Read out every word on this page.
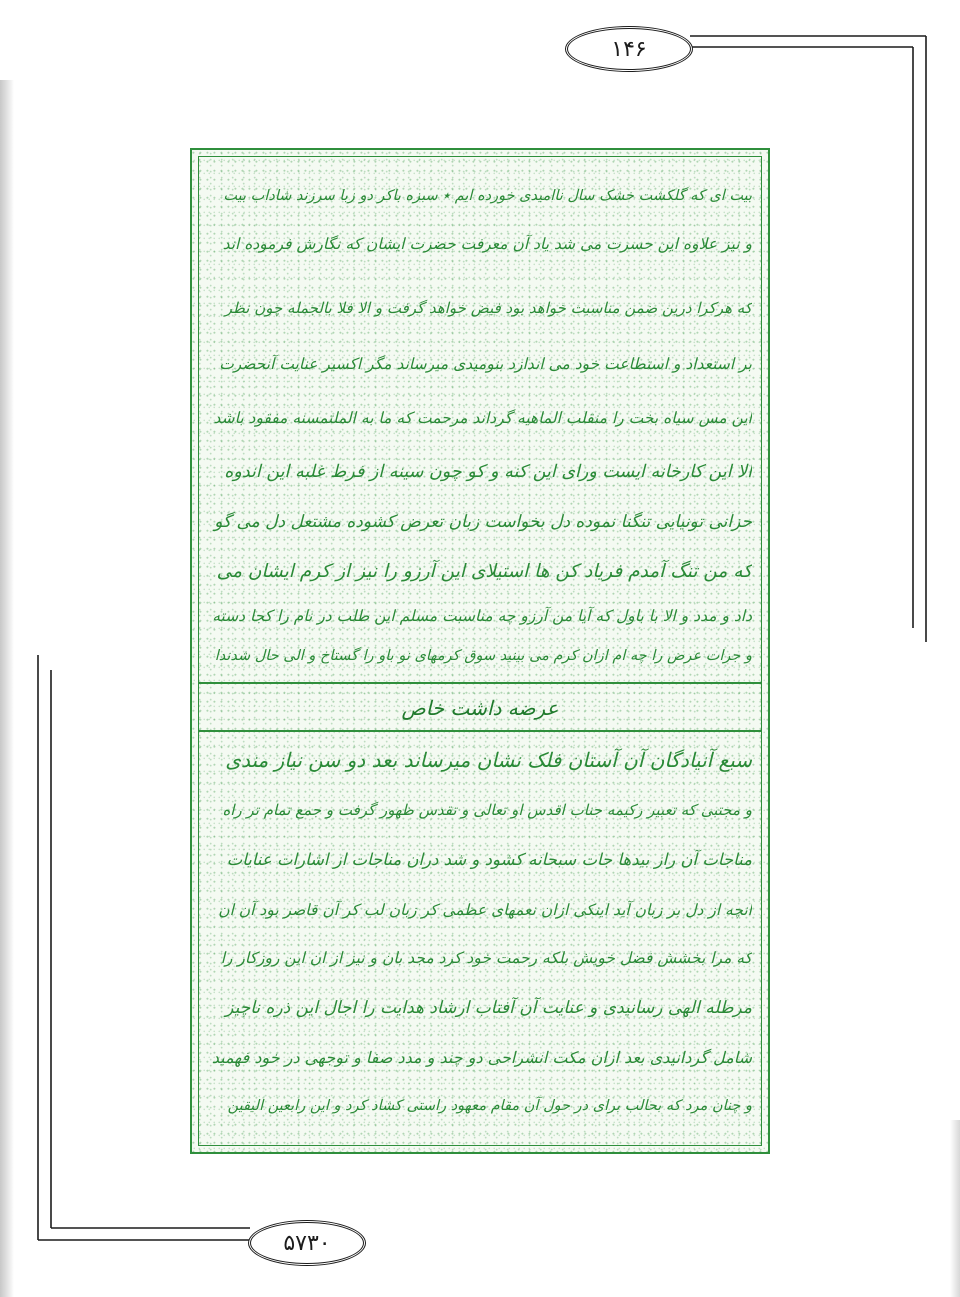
۱۴۶
۵۷۳۰
بیت ای که گلکشت خشک سال ناامیدی خورده ایم ٭ سبزه باکر دو زبا سرزند شاداب بیت
و نیز علاوه این حسرت می شد یاد آن معرفت حضرت ایشان که نگارش فرموده اند
که هرکرا درین ضمن مناسبت خواهد بود فیض خواهد گرفت و الا فلا بالجمله چون نظر
بر استعداد و استطاعت خود می اندازد بنومیدی میرساند مگر اکسیر عنایت آنحضرت
این مس سیاه بخت را منقلب الماهیه گرداند مرحمت که ما به الملتمسنه مفقود باشد
الا این کارخانه ایست ورای این کنه و کو چون سینه از فرط غلبه این اندوه
حزانی تونیایی تنگنا نموده دل بخواست زبان تعرض کشوده مشتعل دل می گو
که من تنگ آمدم فریاد کن ها استیلای این آرزو را نیز از کرم ایشان می
داد و مدد و الا با باول که آیا من آرزو چه مناسبت مسلم این طلب در نام را کجا دسته
و جرات عرض را چه ام ازان کرم می بینید سوق کرمهای نو باو را گستاخ و الی حال شدندا
عرضه داشت خاص
سبع آنیادگان آن آستان فلک نشان میرساند بعد دو سن نیاز مندی
و مجتبی که تعبیر رکیمه جناب اقدس او تعالی و تقدس ظهور گرفت و جمع تمام تر راه
مناجات آن راز بیدها جات سبحانه کشود و شد دران مناجات از اشارات عنایات
انچه از دل بر زبان آید اینکی ازان نعمهای عظمی کر زبان لب کر آن قاصر بود آن ان
که مرا بخشش فضل خویش بلکه رحمت خود کرد مجد بان و نیز از ان این روزکار را
مرطله الهی رسانیدی و عنایت آن آفتاب ارشاد هدایت را اجال این ذره ناچیز
شامل گردانیدی بعد ازان مکت انشراحی دو چند و مدد صفا و توجهی در خود فهمید
و چنان مرد که بحالب برای در حول آن مقام معهود راستی کشاد کرد و این رابعین الیقین
